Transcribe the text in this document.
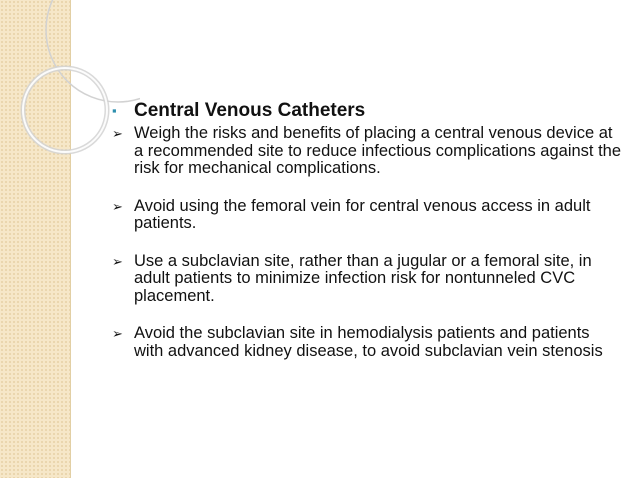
▪ Central Venous Catheters
➢ Weigh the risks and benefits of placing a central venous device at a recommended site to reduce infectious complications against the risk for mechanical complications.
➢ Avoid using the femoral vein for central venous access in adult patients.
➢ Use a subclavian site, rather than a jugular or a femoral site, in adult patients to minimize infection risk for nontunneled CVC placement.
➢ Avoid the subclavian site in hemodialysis patients and patients with advanced kidney disease, to avoid subclavian vein stenosis
